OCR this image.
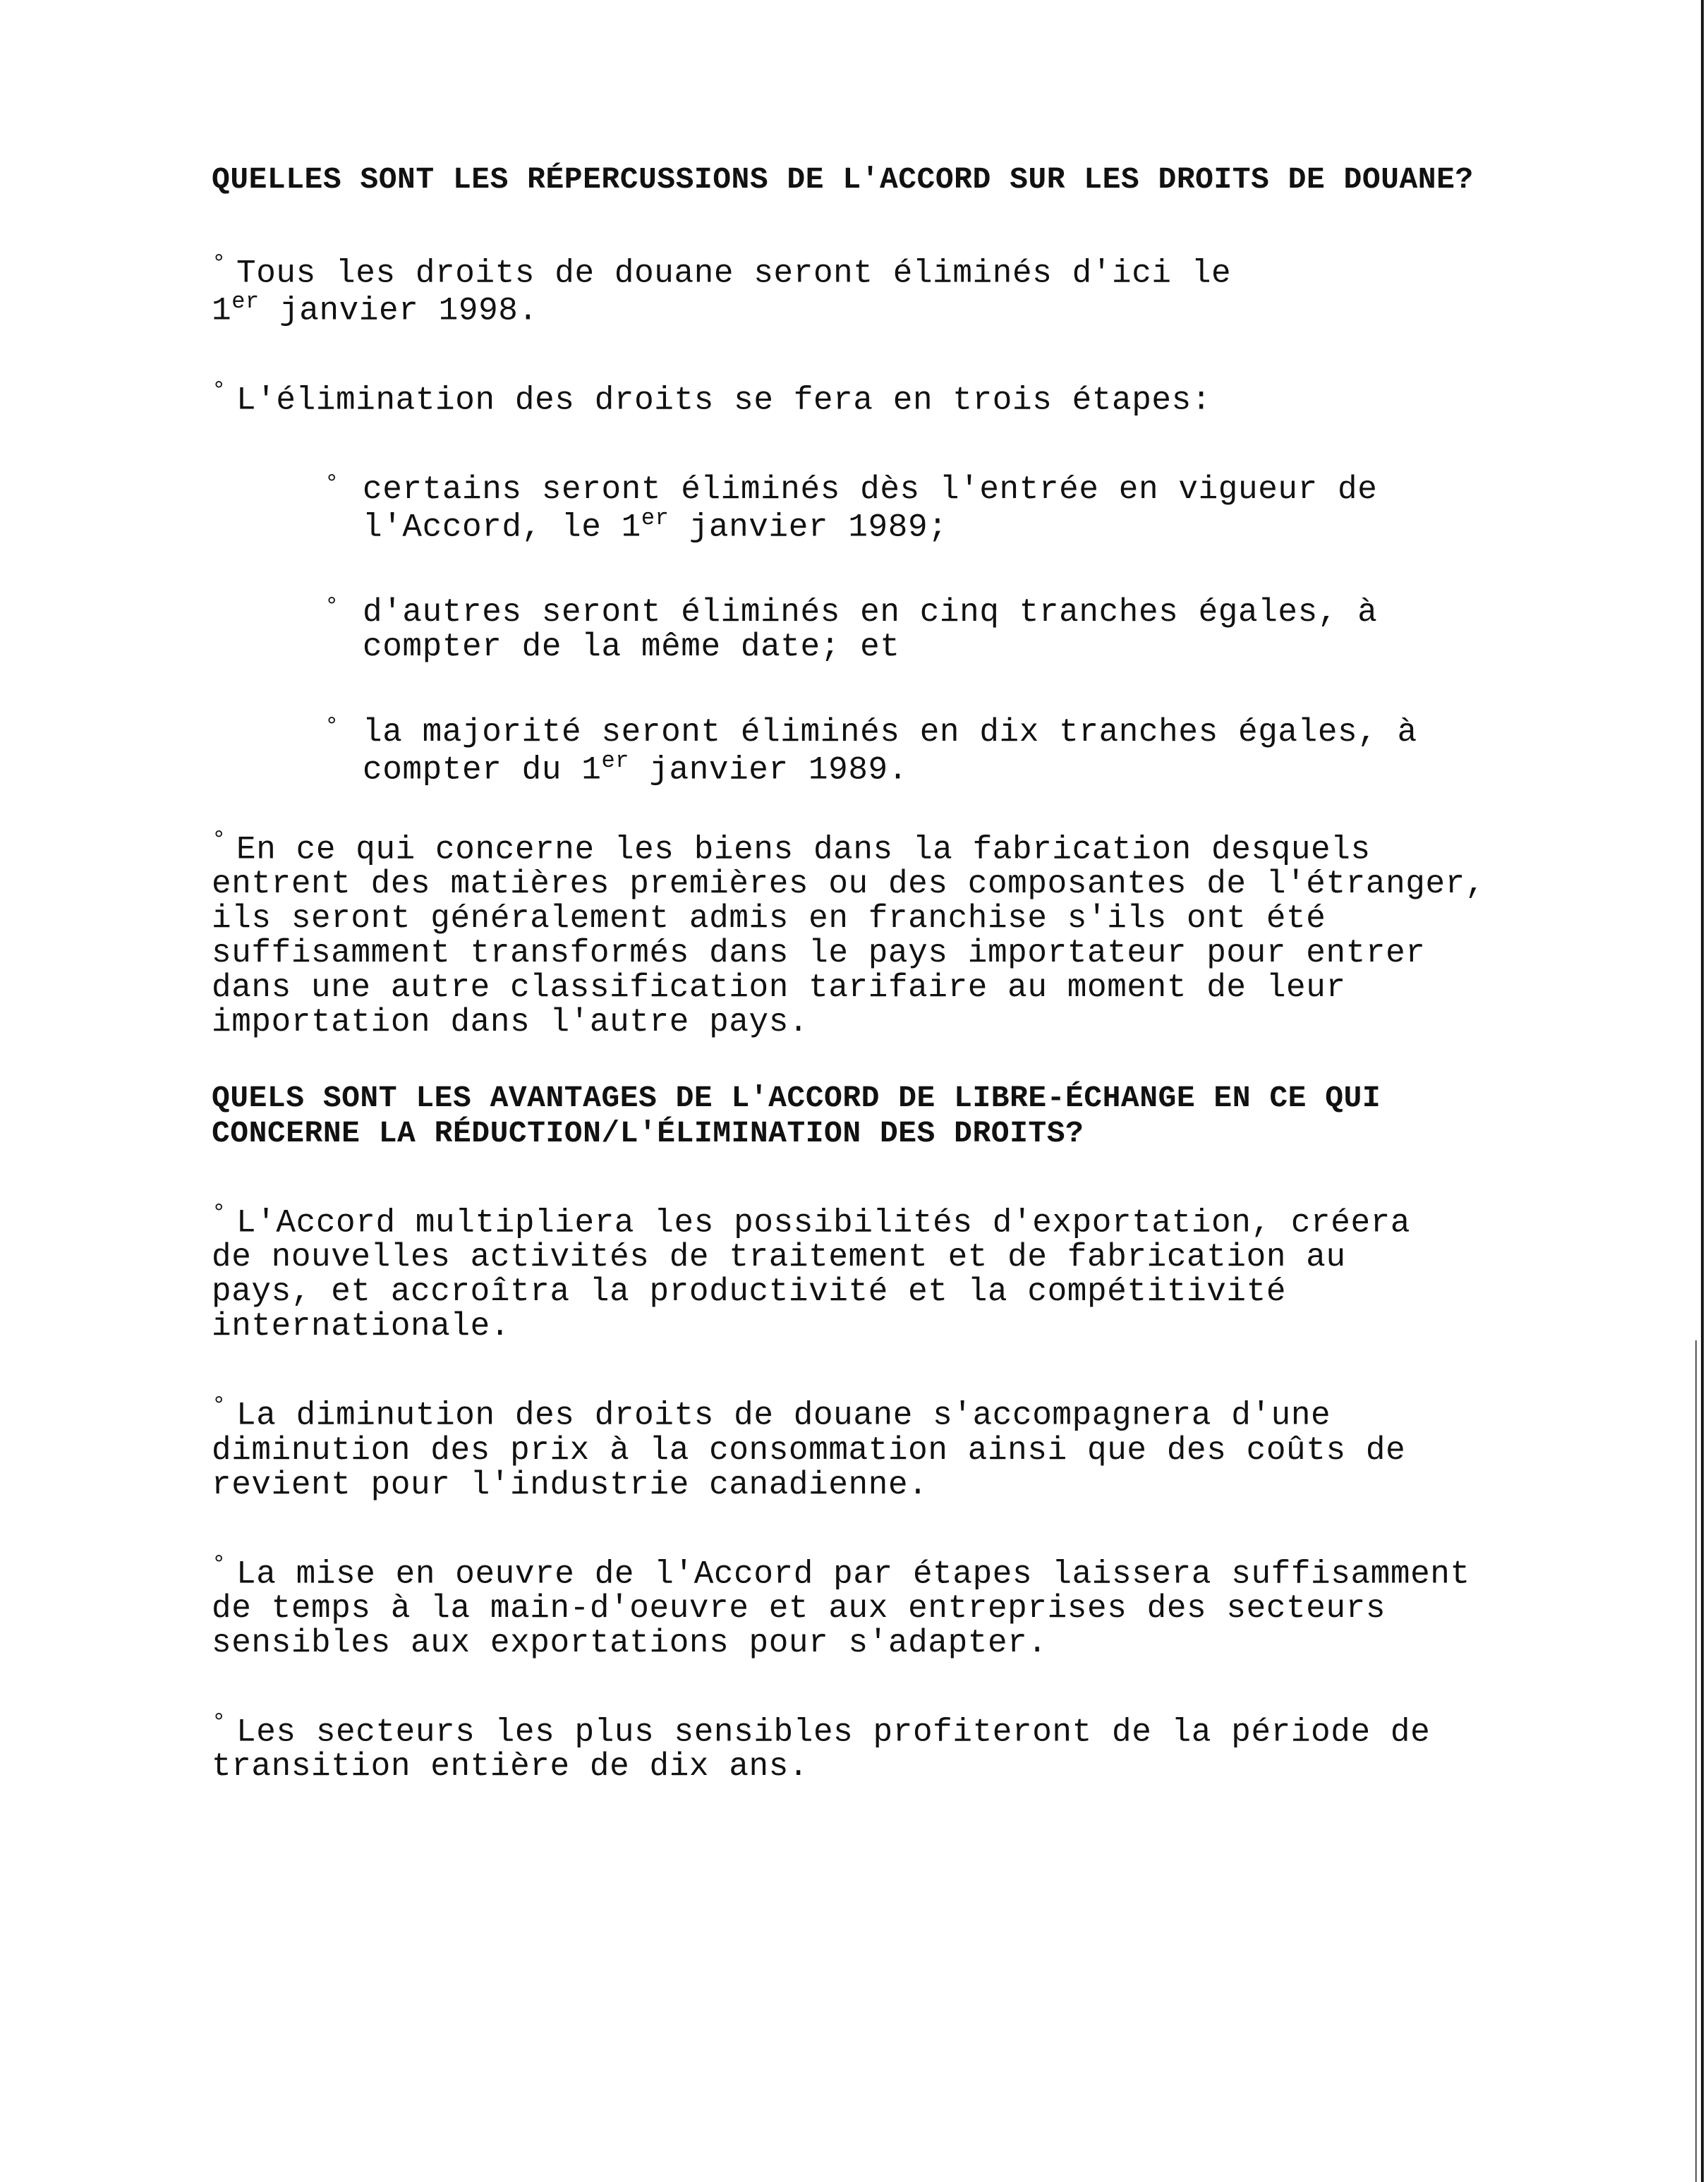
QUELLES SONT LES RÉPERCUSSIONS DE L'ACCORD SUR LES DROITS DE DOUANE?

° Tous les droits de douane seront éliminés d'ici le
1er janvier 1998.

° L'élimination des droits se fera en trois étapes:

° certains seront éliminés dès l'entrée en vigueur de
l'Accord, le 1er janvier 1989;
° d'autres seront éliminés en cinq tranches égales, à compter de la même date; et
° la majorité seront éliminés en dix tranches égales, à
compter du 1er janvier 1989.

° En ce qui concerne les biens dans la fabrication desquels entrent des matières premières ou des composantes de l'étranger, ils seront généralement admis en franchise s'ils ont été suffisamment transformés dans le pays importateur pour entrer dans une autre classification tarifaire au moment de leur importation dans l'autre pays.

QUELS SONT LES AVANTAGES DE L'ACCORD DE LIBRE-ÉCHANGE EN CE QUI CONCERNE LA RÉDUCTION/L'ÉLIMINATION DES DROITS?

° L'Accord multipliera les possibilités d'exportation, créera de nouvelles activités de traitement et de fabrication au pays, et accroîtra la productivité et la compétitivité internationale.

° La diminution des droits de douane s'accompagnera d'une diminution des prix à la consommation ainsi que des coûts de revient pour l'industrie canadienne.

° La mise en oeuvre de l'Accord par étapes laissera suffisamment de temps à la main-d'oeuvre et aux entreprises des secteurs sensibles aux exportations pour s'adapter.

° Les secteurs les plus sensibles profiteront de la période de transition entière de dix ans.
